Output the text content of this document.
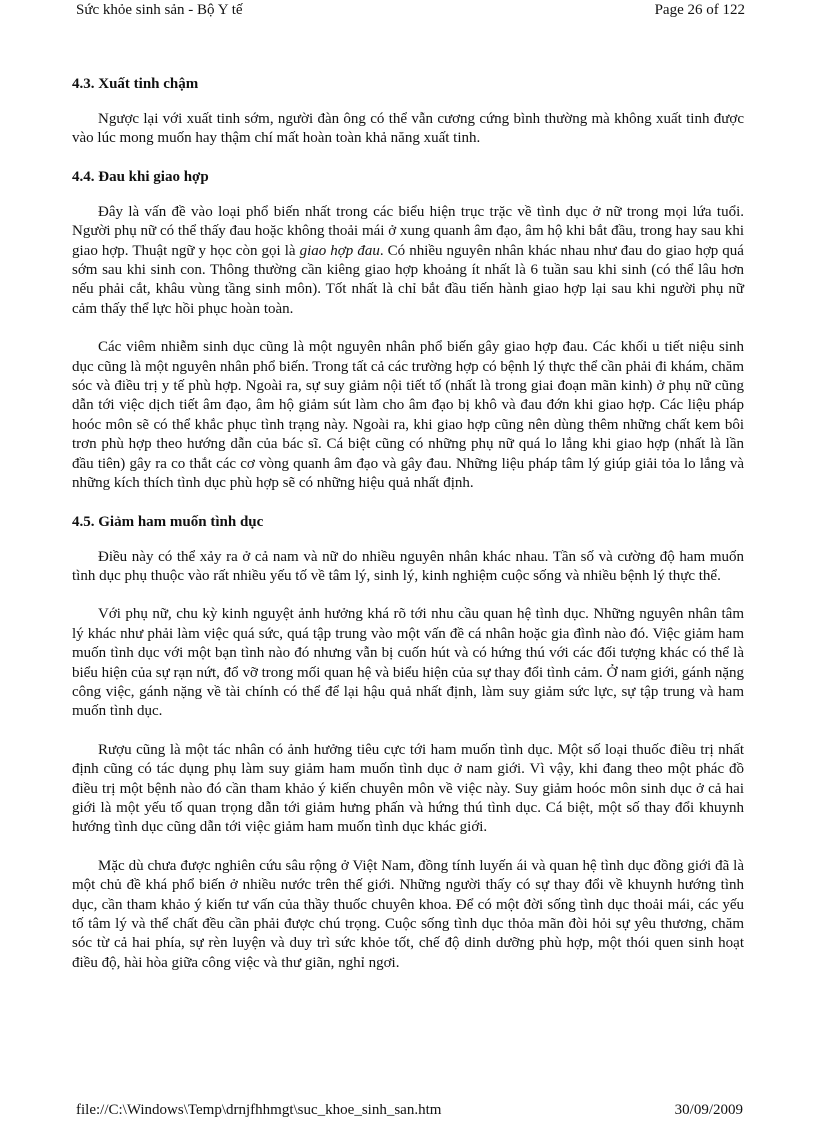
Sức khỏe sinh sản - Bộ Y tế	Page 26 of 122
4.3. Xuất tinh chậm

Ngược lại với xuất tinh sớm, người đàn ông có thể vẫn cương cứng bình thường mà không xuất tinh được vào lúc mong muốn hay thậm chí mất hoàn toàn khả năng xuất tinh.

4.4. Đau khi giao hợp

Đây là vấn đề vào loại phổ biến nhất trong các biểu hiện trục trặc về tình dục ở nữ trong mọi lứa tuổi. Người phụ nữ có thể thấy đau hoặc không thoải mái ở xung quanh âm đạo, âm hộ khi bắt đầu, trong hay sau khi giao hợp. Thuật ngữ y học còn gọi là giao hợp đau. Có nhiều nguyên nhân khác nhau như đau do giao hợp quá sớm sau khi sinh con. Thông thường cần kiêng giao hợp khoảng ít nhất là 6 tuần sau khi sinh (có thể lâu hơn nếu phải cắt, khâu vùng tầng sinh môn). Tốt nhất là chỉ bắt đầu tiến hành giao hợp lại sau khi người phụ nữ cảm thấy thể lực hồi phục hoàn toàn.

Các viêm nhiễm sinh dục cũng là một nguyên nhân phổ biến gây giao hợp đau. Các khối u tiết niệu sinh dục cũng là một nguyên nhân phổ biến. Trong tất cả các trường hợp có bệnh lý thực thể cần phải đi khám, chăm sóc và điều trị y tế phù hợp. Ngoài ra, sự suy giảm nội tiết tố (nhất là trong giai đoạn mãn kinh) ở phụ nữ cũng dẫn tới việc dịch tiết âm đạo, âm hộ giảm sút làm cho âm đạo bị khô và đau đớn khi giao hợp. Các liệu pháp hoóc môn sẽ có thể khắc phục tình trạng này. Ngoài ra, khi giao hợp cũng nên dùng thêm những chất kem bôi trơn phù hợp theo hướng dẫn của bác sĩ. Cá biệt cũng có những phụ nữ quá lo lắng khi giao hợp (nhất là lần đầu tiên) gây ra co thắt các cơ vòng quanh âm đạo và gây đau. Những liệu pháp tâm lý giúp giải tỏa lo lắng và những kích thích tình dục phù hợp sẽ có những hiệu quả nhất định.

4.5. Giảm ham muốn tình dục

Điều này có thể xảy ra ở cả nam và nữ do nhiều nguyên nhân khác nhau. Tần số và cường độ ham muốn tình dục phụ thuộc vào rất nhiều yếu tố về tâm lý, sinh lý, kinh nghiệm cuộc sống và nhiều bệnh lý thực thể.

Với phụ nữ, chu kỳ kinh nguyệt ảnh hưởng khá rõ tới nhu cầu quan hệ tình dục. Những nguyên nhân tâm lý khác như phải làm việc quá sức, quá tập trung vào một vấn đề cá nhân hoặc gia đình nào đó. Việc giảm ham muốn tình dục với một bạn tình nào đó nhưng vẫn bị cuốn hút và có hứng thú với các đối tượng khác có thể là biểu hiện của sự rạn nứt, đổ vỡ trong mối quan hệ và biểu hiện của sự thay đổi tình cảm. Ở nam giới, gánh nặng công việc, gánh nặng về tài chính có thể để lại hậu quả nhất định, làm suy giảm sức lực, sự tập trung và ham muốn tình dục.

Rượu cũng là một tác nhân có ảnh hưởng tiêu cực tới ham muốn tình dục. Một số loại thuốc điều trị nhất định cũng có tác dụng phụ làm suy giảm ham muốn tình dục ở nam giới. Vì vậy, khi đang theo một phác đồ điều trị một bệnh nào đó cần tham khảo ý kiến chuyên môn về việc này. Suy giảm hoóc môn sinh dục ở cả hai giới là một yếu tố quan trọng dẫn tới giảm hưng phấn và hứng thú tình dục. Cá biệt, một số thay đổi khuynh hướng tình dục cũng dẫn tới việc giảm ham muốn tình dục khác giới.

Mặc dù chưa được nghiên cứu sâu rộng ở Việt Nam, đồng tính luyến ái và quan hệ tình dục đồng giới đã là một chủ đề khá phổ biến ở nhiều nước trên thế giới. Những người thấy có sự thay đổi về khuynh hướng tình dục, cần tham khảo ý kiến tư vấn của thầy thuốc chuyên khoa. Để có một đời sống tình dục thoải mái, các yếu tố tâm lý và thể chất đều cần phải được chú trọng. Cuộc sống tình dục thỏa mãn đòi hỏi sự yêu thương, chăm sóc từ cả hai phía, sự rèn luyện và duy trì sức khỏe tốt, chế độ dinh dưỡng phù hợp, một thói quen sinh hoạt điều độ, hài hòa giữa công việc và thư giãn, nghỉ ngơi.

file://C:\Windows\Temp\drnjfhhmgt\suc_khoe_sinh_san.htm	30/09/2009
